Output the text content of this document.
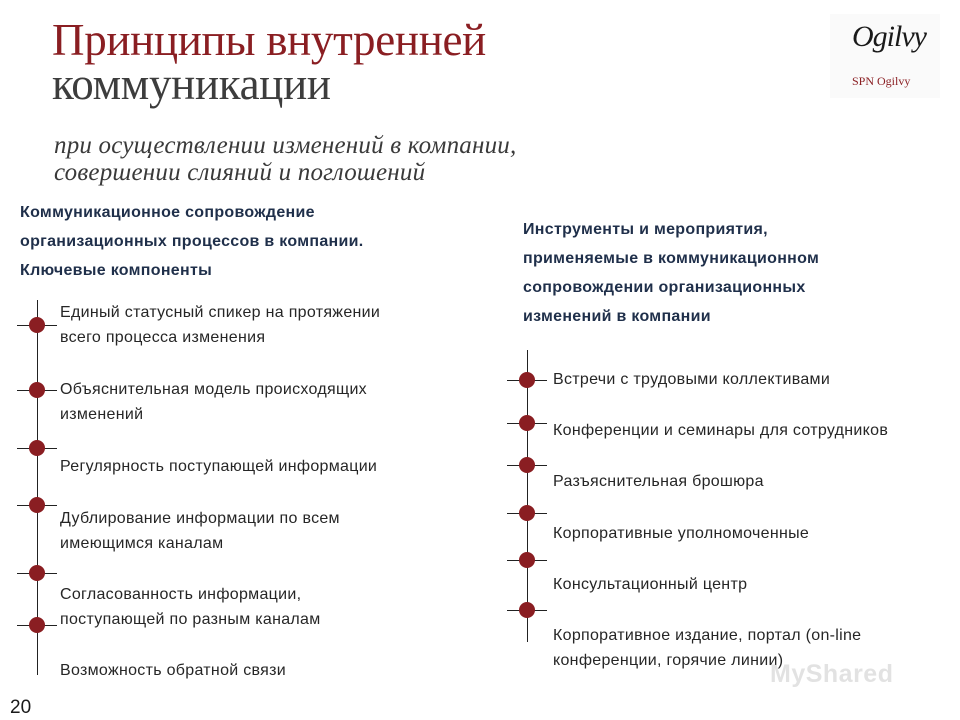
Принципы внутренней
коммуникации
при осуществлении изменений в компании,
совершении слияний и поглошений
Ogilvy
SPN Ogilvy
Коммуникационное сопровождение
организационных процессов в компании.
Ключевые компоненты
Инструменты и мероприятия,
применяемые в коммуникационном
сопровождении организационных
изменений в компании
Единый статусный спикер на протяжении
всего процесса изменения
Объяснительная модель происходящих
изменений
Регулярность поступающей информации
Дублирование информации по всем
имеющимся каналам
Согласованность информации,
поступающей по разным каналам
Возможность обратной связи
Встречи с трудовыми коллективами
Конференции и семинары для сотрудников
Разъяснительная брошюра
Корпоративные уполномоченные
Консультационный центр
Корпоративное издание, портал (on-line
конференции, горячие линии)
20
MyShared
